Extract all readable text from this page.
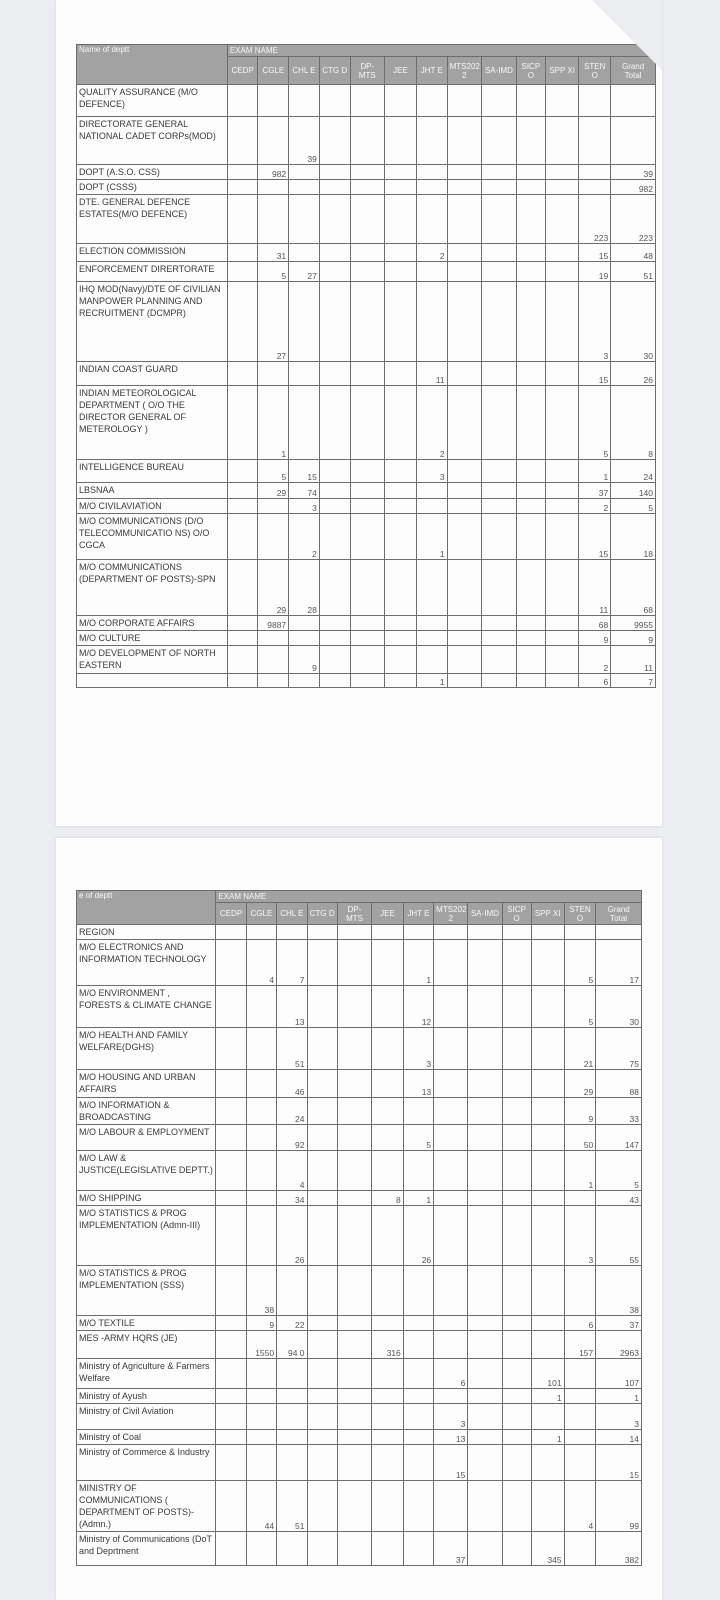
Name of deptt	EXAM NAME												
	CEDP	CGLE	CHL E	CTG D	DP-MTS	JEE	JHT E	MTS202 2	SA-IMD	SICP O	SPP XI	STEN O	Grand Total
QUALITY ASSURANCE (M/O DEFENCE)													
DIRECTORATE GENERAL NATIONAL CADET CORPs(MOD)			39										
DOPT (A.S.O. CSS)		982											39
DOPT (CSSS)													982
DTE. GENERAL DEFENCE ESTATES(M/O DEFENCE)												223	223
ELECTION COMMISSION		31					2					15	48
ENFORCEMENT DIRERTORATE		5	27									19	51
IHQ MOD(Navy)/DTE OF CIVILIAN MANPOWER PLANNING AND RECRUITMENT (DCMPR)		27										3	30
INDIAN COAST GUARD							11					15	26
INDIAN METEOROLOGICAL DEPARTMENT ( O/O THE DIRECTOR GENERAL OF METEROLOGY )		1					2					5	8
INTELLIGENCE BUREAU		5	15				3					1	24
LBSNAA		29	74									37	140
M/O CIVILAVIATION			3									2	5
M/O COMMUNICATIONS (D/O TELECOMMUNICATIO NS) O/O CGCA			2				1					15	18
M/O COMMUNICATIONS (DEPARTMENT OF POSTS)-SPN		29	28									11	68
M/O CORPORATE AFFAIRS		9887										68	9955
M/O CULTURE												9	9
M/O DEVELOPMENT OF NORTH EASTERN			9									2	11
							1					6	7
e of deptt	EXAM NAME												
	CEDP	CGLE	CHL E	CTG D	DP-MTS	JEE	JHT E	MTS202 2	SA-IMD	SICP O	SPP XI	STEN O	Grand Total
REGION													
M/O ELECTRONICS AND INFORMATION TECHNOLOGY		4	7				1					5	17
M/O ENVIRONMENT , FORESTS & CLIMATE CHANGE			13				12					5	30
M/O HEALTH AND FAMILY WELFARE(DGHS)			51				3					21	75
M/O HOUSING AND URBAN AFFAIRS			46				13					29	88
M/O INFORMATION & BROADCASTING			24									9	33
M/O LABOUR & EMPLOYMENT			92				5					50	147
M/O LAW & JUSTICE(LEGISLATIVE DEPTT.)			4									1	5
M/O SHIPPING			34			8	1						43
M/O STATISTICS & PROG IMPLEMENTATION (Admn-III)			26				26					3	55
M/O STATISTICS & PROG IMPLEMENTATION (SSS)		38											38
M/O TEXTILE		9	22									6	37
MES -ARMY HQRS (JE)		1550	94 0			316						157	2963
Ministry of Agriculture & Farmers Welfare								6			101		107
Ministry of Ayush											1		1
Ministry of Civil Aviation								3					3
Ministry of Coal								13			1		14
Ministry of Commerce & Industry								15					15
MINISTRY OF COMMUNICATIONS ( DEPARTMENT OF POSTS)-(Admn.)		44	51									4	99
Ministry of Communications (DoT and Deprtment								37			345		382
